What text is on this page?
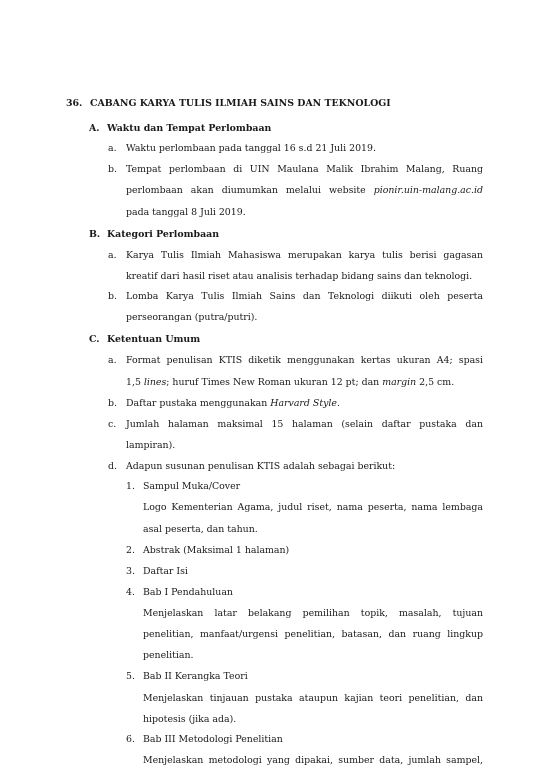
36. CABANG KARYA TULIS ILMIAH SAINS DAN TEKNOLOGI
A. Waktu dan Tempat Perlombaan
a. Waktu perlombaan pada tanggal 16 s.d 21 Juli 2019.
b. Tempat perlombaan di UIN Maulana Malik Ibrahim Malang, Ruang
perlombaan akan diumumkan melalui website pionir.uin-malang.ac.id
pada tanggal 8 Juli 2019.
B. Kategori Perlombaan
a. Karya Tulis Ilmiah Mahasiswa merupakan karya tulis berisi gagasan
kreatif dari hasil riset atau analisis terhadap bidang sains dan teknologi.
b. Lomba Karya Tulis Ilmiah Sains dan Teknologi diikuti oleh peserta
perseorangan (putra/putri).
C. Ketentuan Umum
a. Format penulisan KTIS diketik menggunakan kertas ukuran A4; spasi
1,5 lines; huruf Times New Roman ukuran 12 pt; dan margin 2,5 cm.
b. Daftar pustaka menggunakan Harvard Style.
c. Jumlah halaman maksimal 15 halaman (selain daftar pustaka dan
lampiran).
d. Adapun susunan penulisan KTIS adalah sebagai berikut:
1. Sampul Muka/Cover
Logo Kementerian Agama, judul riset, nama peserta, nama lembaga
asal peserta, dan tahun.
2. Abstrak (Maksimal 1 halaman)
3. Daftar Isi
4. Bab I Pendahuluan
Menjelaskan latar belakang pemilihan topik, masalah, tujuan
penelitian, manfaat/urgensi penelitian, batasan, dan ruang lingkup
penelitian.
5. Bab II Kerangka Teori
Menjelaskan tinjauan pustaka ataupun kajian teori penelitian, dan
hipotesis (jika ada).
6. Bab III Metodologi Penelitian
Menjelaskan metodologi yang dipakai, sumber data, jumlah sampel,
